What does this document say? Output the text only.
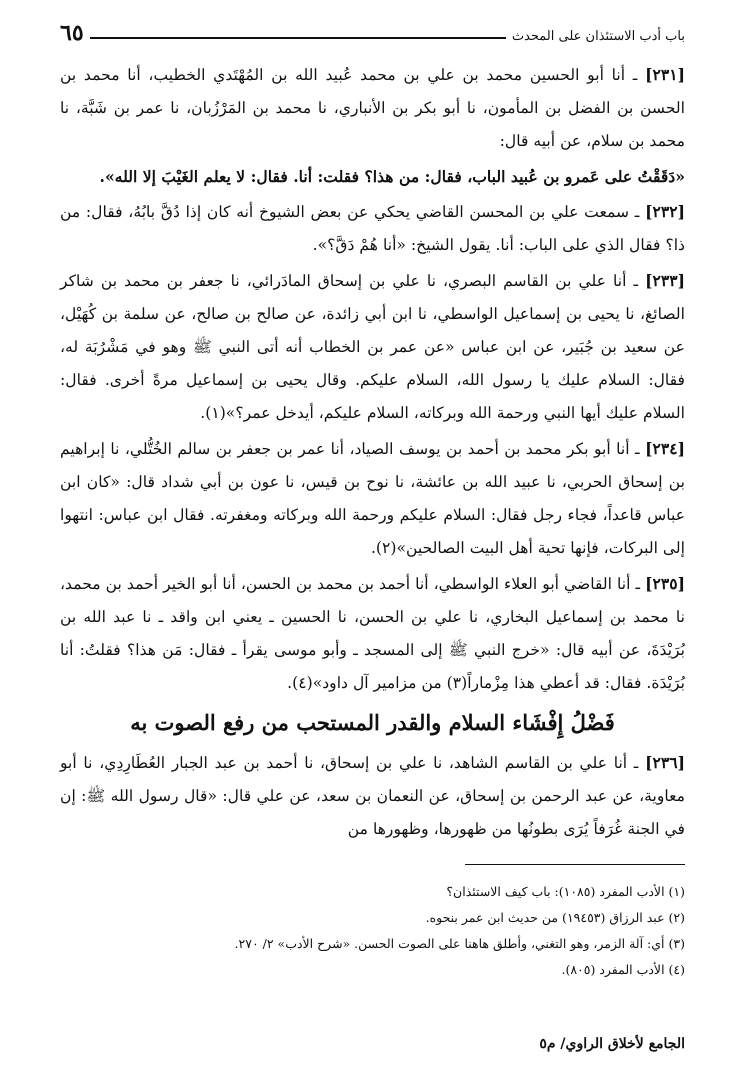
باب أدب الاستئذان على المحدث
٦٥

[٢٣١] ـ أنا أبو الحسين محمد بن علي بن محمد عُبيد الله بن المُهْتَدي الخطيب، أنا محمد بن الحسن بن الفضل بن المأمون، نا أبو بكر بن الأنباري، نا محمد بن المَرْزُبان، نا عمر بن شَبَّة، نا محمد بن سلام، عن أبيه قال:

«دَقَقْتُ على عَمرو بن عُبيد الباب، فقال: من هذا؟ فقلت: أنا. فقال: لا يعلم الغَيْبَ إلا الله».

[٢٣٢] ـ سمعت علي بن المحسن القاضي يحكي عن بعض الشيوخ أنه كان إذا دُقَّ بابُهُ، فقال: من ذا؟ فقال الذي على الباب: أنا. يقول الشيخ: «أنا هُمْ دَقَّ؟».

[٢٣٣] ـ أنا علي بن القاسم البصري، نا علي بن إسحاق المادَرائي، نا جعفر بن محمد بن شاكر الصائغ، نا يحيى بن إسماعيل الواسطي، نا ابن أبي زائدة، عن صالح بن صالح، عن سلمة بن كُهَيْل، عن سعيد بن جُبَير، عن ابن عباس «عن عمر بن الخطاب أنه أتى النبي ﷺ وهو في مَشْرُبَة له، فقال: السلام عليك يا رسول الله، السلام عليكم. وقال يحيى بن إسماعيل مرةً أخرى. فقال: السلام عليك أيها النبي ورحمة الله وبركاته، السلام عليكم، أيدخل عمر؟»(١).

[٢٣٤] ـ أنا أبو بكر محمد بن أحمد بن يوسف الصياد، أنا عمر بن جعفر بن سالم الخُتُّلي، نا إبراهيم بن إسحاق الحربي، نا عبيد الله بن عائشة، نا نوح بن قيس، نا عون بن أبي شداد قال: «كان ابن عباس قاعداً، فجاء رجل فقال: السلام عليكم ورحمة الله وبركاته ومغفرته. فقال ابن عباس: انتهوا إلى البركات، فإنها تحية أهل البيت الصالحين»(٢).

[٢٣٥] ـ أنا القاضي أبو العلاء الواسطي، أنا أحمد بن محمد بن الحسن، أنا أبو الخير أحمد بن محمد، نا محمد بن إسماعيل البخاري، نا علي بن الحسن، نا الحسين ـ يعني ابن واقد ـ نا عبد الله بن بُرَيْدَةَ، عن أبيه قال: «خرج النبي ﷺ إلى المسجد ـ وأبو موسى يقرأ ـ فقال: مَن هذا؟ فقلتُ: أنا بُرَيْدَة. فقال: قد أعطي هذا مِزْماراً(٣) من مزامير آل داود»(٤).

فَضْلُ إِفْشَاء السلام والقدر المستحب من رفع الصوت به

[٢٣٦] ـ أنا علي بن القاسم الشاهد، نا علي بن إسحاق، نا أحمد بن عبد الجبار العُطَارِدِي، نا أبو معاوية، عن عبد الرحمن بن إسحاق، عن النعمان بن سعد، عن علي قال: «قال رسول الله ﷺ: إن في الجنة غُرَفاً يُرَى بطونُها من ظهورها، وظهورها من

(١) الأدب المفرد (١٠٨٥): باب كيف الاستئذان؟

(٢) عبد الرزاق (١٩٤٥٣) من حديث ابن عمر بنحوه.

(٣) أي: آلة الزمر، وهو التغني، وأطلق هاهنا على الصوت الحسن. «شرح الأدب» ٢/ ٢٧٠.

(٤) الأدب المفرد (٨٠٥).

الجامع لأخلاق الراوي/ م٥
